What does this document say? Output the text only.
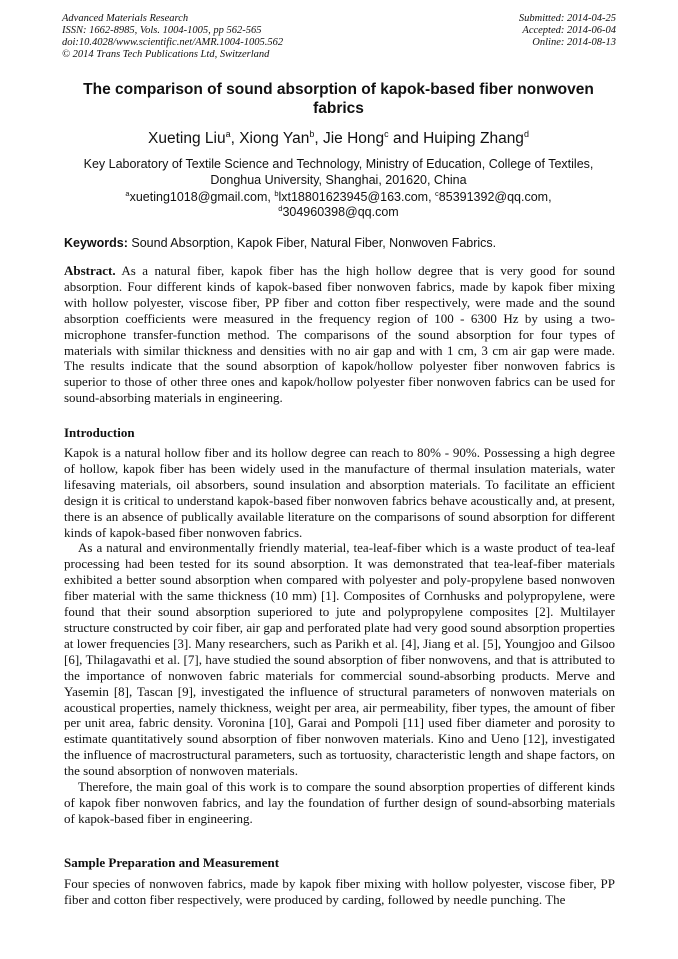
Advanced Materials Research
ISSN: 1662-8985, Vols. 1004-1005, pp 562-565
doi:10.4028/www.scientific.net/AMR.1004-1005.562
© 2014 Trans Tech Publications Ltd, Switzerland
Submitted: 2014-04-25
Accepted: 2014-06-04
Online: 2014-08-13
The comparison of sound absorption of kapok-based fiber nonwoven fabrics
Xueting Liu$^a$, Xiong Yan$^b$, Jie Hong$^c$ and Huiping Zhang$^d$
Key Laboratory of Textile Science and Technology, Ministry of Education, College of Textiles, Donghua University, Shanghai, 201620, China
$^a$xueting1018@gmail.com, $^b$lxt18801623945@163.com, $^c$85391392@qq.com,
$^d$304960398@qq.com
Keywords: Sound Absorption, Kapok Fiber, Natural Fiber, Nonwoven Fabrics.
Abstract. As a natural fiber, kapok fiber has the high hollow degree that is very good for sound absorption. Four different kinds of kapok-based fiber nonwoven fabrics, made by kapok fiber mixing with hollow polyester, viscose fiber, PP fiber and cotton fiber respectively, were made and the sound absorption coefficients were measured in the frequency region of 100 - 6300 Hz by using a two-microphone transfer-function method. The comparisons of the sound absorption for four types of materials with similar thickness and densities with no air gap and with 1 cm, 3 cm air gap were made. The results indicate that the sound absorption of kapok/hollow polyester fiber nonwoven fabrics is superior to those of other three ones and kapok/hollow polyester fiber nonwoven fabrics can be used for sound-absorbing materials in engineering.
Introduction

Kapok is a natural hollow fiber and its hollow degree can reach to 80% - 90%. Possessing a high degree of hollow, kapok fiber has been widely used in the manufacture of thermal insulation materials, water lifesaving materials, oil absorbers, sound insulation and absorption materials. To facilitate an efficient design it is critical to understand kapok-based fiber nonwoven fabrics behave acoustically and, at present, there is an absence of publically available literature on the comparisons of sound absorption for different kinds of kapok-based fiber nonwoven fabrics.

As a natural and environmentally friendly material, tea-leaf-fiber which is a waste product of tea-leaf processing had been tested for its sound absorption. It was demonstrated that tea-leaf-fiber materials exhibited a better sound absorption when compared with polyester and poly-propylene based nonwoven fiber material with the same thickness (10 mm) [1]. Composites of Cornhusks and polypropylene, were found that their sound absorption superiored to jute and polypropylene composites [2]. Multilayer structure constructed by coir fiber, air gap and perforated plate had very good sound absorption properties at lower frequencies [3]. Many researchers, such as Parikh et al. [4], Jiang et al. [5], Youngjoo and Gilsoo [6], Thilagavathi et al. [7], have studied the sound absorption of fiber nonwovens, and that is attributed to the importance of nonwoven fabric materials for commercial sound-absorbing products. Merve and Yasemin [8], Tascan [9], investigated the influence of structural parameters of nonwoven materials on acoustical properties, namely thickness, weight per area, air permeability, fiber types, the amount of fiber per unit area, fabric density. Voronina [10], Garai and Pompoli [11] used fiber diameter and porosity to estimate quantitatively sound absorption of fiber nonwoven materials. Kino and Ueno [12], investigated the influence of macrostructural parameters, such as tortuosity, characteristic length and shape factors, on the sound absorption of nonwoven materials.

Therefore, the main goal of this work is to compare the sound absorption properties of different kinds of kapok fiber nonwoven fabrics, and lay the foundation of further design of sound-absorbing materials of kapok-based fiber in engineering.

Sample Preparation and Measurement

Four species of nonwoven fabrics, made by kapok fiber mixing with hollow polyester, viscose fiber, PP fiber and cotton fiber respectively, were produced by carding, followed by needle punching. The
